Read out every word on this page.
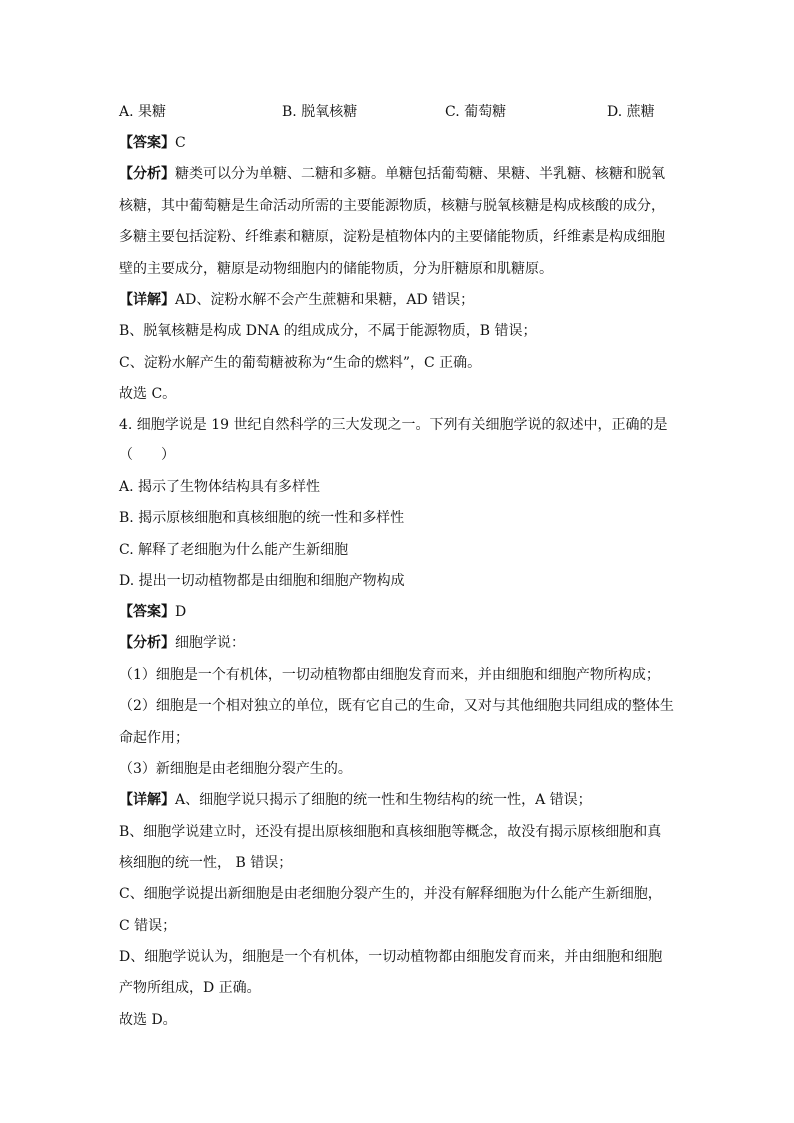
A. 果糖	B. 脱氧核糖	C. 葡萄糖	D. 蔗糖
【答案】C
【分析】糖类可以分为单糖、二糖和多糖。单糖包括葡萄糖、果糖、半乳糖、核糖和脱氧
核糖，其中葡萄糖是生命活动所需的主要能源物质，核糖与脱氧核糖是构成核酸的成分，
多糖主要包括淀粉、纤维素和糖原，淀粉是植物体内的主要储能物质，纤维素是构成细胞
壁的主要成分，糖原是动物细胞内的储能物质，分为肝糖原和肌糖原。
【详解】AD、淀粉水解不会产生蔗糖和果糖，AD 错误；
B、脱氧核糖是构成 DNA 的组成成分，不属于能源物质，B 错误；
C、淀粉水解产生的葡萄糖被称为“生命的燃料”，C 正确。
故选 C。
4. 细胞学说是 19 世纪自然科学的三大发现之一。下列有关细胞学说的叙述中，正确的是
（　　）
A. 揭示了生物体结构具有多样性
B. 揭示原核细胞和真核细胞的统一性和多样性
C. 解释了老细胞为什么能产生新细胞
D. 提出一切动植物都是由细胞和细胞产物构成
【答案】D
【分析】细胞学说：
（1）细胞是一个有机体，一切动植物都由细胞发育而来，并由细胞和细胞产物所构成；
（2）细胞是一个相对独立的单位，既有它自己的生命，又对与其他细胞共同组成的整体生
命起作用；
（3）新细胞是由老细胞分裂产生的。
【详解】A、细胞学说只揭示了细胞的统一性和生物结构的统一性，A 错误；
B、细胞学说建立时，还没有提出原核细胞和真核细胞等概念，故没有揭示原核细胞和真
核细胞的统一性， B 错误；
C、细胞学说提出新细胞是由老细胞分裂产生的，并没有解释细胞为什么能产生新细胞，
C 错误；
D、细胞学说认为，细胞是一个有机体，一切动植物都由细胞发育而来，并由细胞和细胞
产物所组成，D 正确。
故选 D。
